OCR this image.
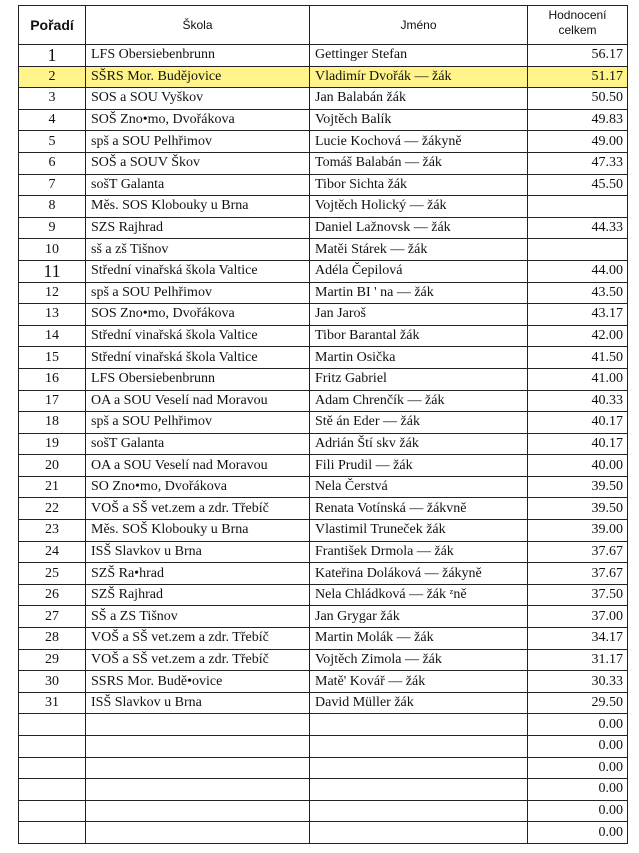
Pořadí	Škola	Jméno	Hodnocení
celkem

1	LFS Obersiebenbrunn	Gettinger Stefan	56.17
2	SŠRS Mor. Budějovice	Vladimír Dvořák — žák	51.17
3	SOS a SOU Vyškov	Jan Balabán žák	50.50
4	SOŠ Zno•mo, Dvořákova	Vojtěch Balík	49.83
5	spš a SOU Pelhřimov	Lucie Kochová — žákyně	49.00
6	SOŠ a SOUV Škov	Tomáš Balabán — žák	47.33
7	sošT Galanta	Tibor Sichta žák	45.50
8	Měs. SOS Klobouky u Brna	Vojtěch Holický — žák	
9	SZS Rajhrad	Daniel Lažnovsk — žák	44.33
10	sš a zš Tišnov	Matěi Stárek — žák	
11	Střední vinařská škola Valtice	Adéla Čepilová	44.00
12	spš a SOU Pelhřimov	Martin BI ' na — žák	43.50
13	SOS Zno•mo, Dvořákova	Jan Jaroš	43.17
14	Střední vinařská škola Valtice	Tibor Barantal žák	42.00
15	Střední vinařská škola Valtice	Martin Osička	41.50
16	LFS Obersiebenbrunn	Fritz Gabriel	41.00
17	OA a SOU Veselí nad Moravou	Adam Chrenčík — žák	40.33
18	spš a SOU Pelhřimov	Stě án Eder — žák	40.17
19	sošT Galanta	Adrián Ští skv žák	40.17
20	OA a SOU Veselí nad Moravou	Fili Prudil — žák	40.00
21	SO Zno•mo, Dvořákova	Nela Čerstvá	39.50
22	VOŠ a SŠ vet.zem a zdr. Třebíč	Renata Votínská — žákvně	39.50
23	Měs. SOŠ Klobouky u Brna	Vlastimil Truneček žák	39.00
24	ISŠ Slavkov u Brna	František Drmola — žák	37.67
25	SZŠ Ra•hrad	Kateřina Doláková — žákyně	37.67
26	SZŠ Rajhrad	Nela Chládková — žák ᶻně	37.50
27	SŠ a ZS Tišnov	Jan Grygar žák	37.00
28	VOŠ a SŠ vet.zem a zdr. Třebíč	Martin Molák — žák	34.17
29	VOŠ a SŠ vet.zem a zdr. Třebíč	Vojtěch Zimola — žák	31.17
30	SSRS Mor. Budě•ovice	Matě' Kovář — žák	30.33
31	ISŠ Slavkov u Brna	David Müller žák	29.50
			0.00
			0.00
			0.00
			0.00
			0.00
			0.00
